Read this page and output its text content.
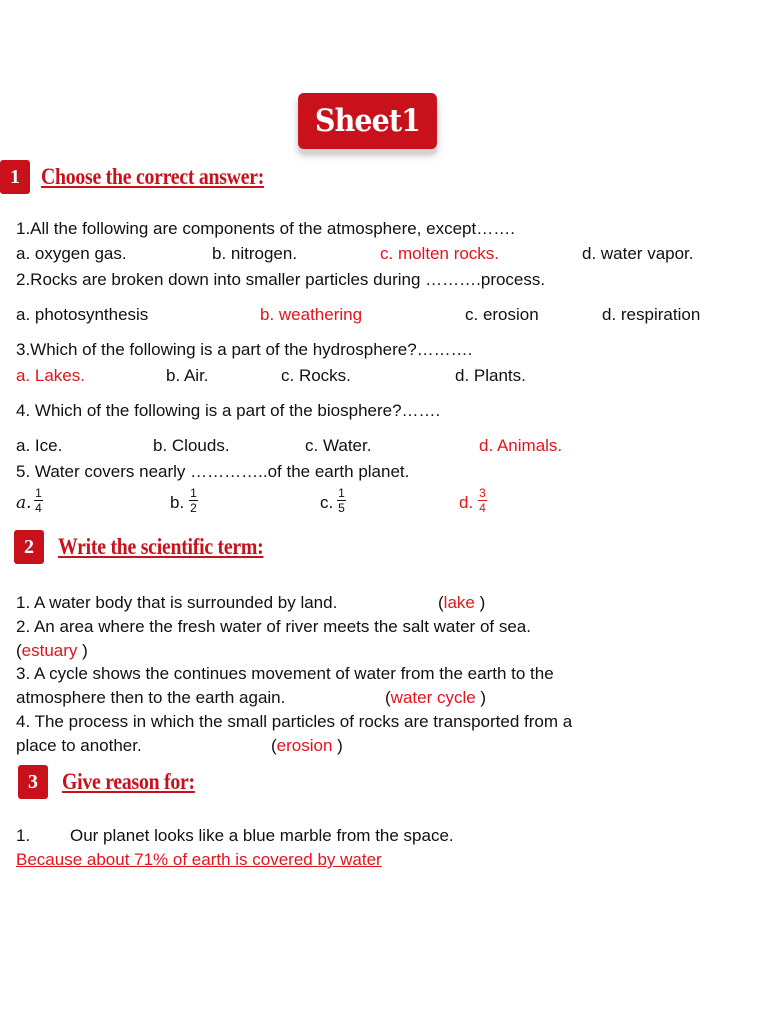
Sheet1
1 Choose the correct answer:
1.All the following are components of the atmosphere, except…….
a. oxygen gas.	b. nitrogen.	c. molten rocks.	d. water vapor.
2.Rocks are broken down into smaller particles during ……….process.
a. photosynthesis	b. weathering	c. erosion	d. respiration
3.Which of the following is a part of the hydrosphere?……….
a. Lakes.	b. Air.	c. Rocks.	d. Plants.
4. Which of the following is a part of the biosphere?…….
a. Ice.	b. Clouds.	c. Water.	d. Animals.
5. Water covers nearly …………..of the earth planet.
a. 1
4	b. 1
2	c. 1
5	d. 3
4
2	Write the scientific term:
1. A water body that is surrounded by land.	(lake )
2. An area where the fresh water of river meets the salt water of sea.
(estuary )
3. A cycle shows the continues movement of water from the earth to the
atmosphere then to the earth again.	(water cycle )
4. The process in which the small particles of rocks are transported from a
place to another.	(erosion )
3	Give reason for:
1. Our planet looks like a blue marble from the space.
Because about 71% of earth is covered by water
